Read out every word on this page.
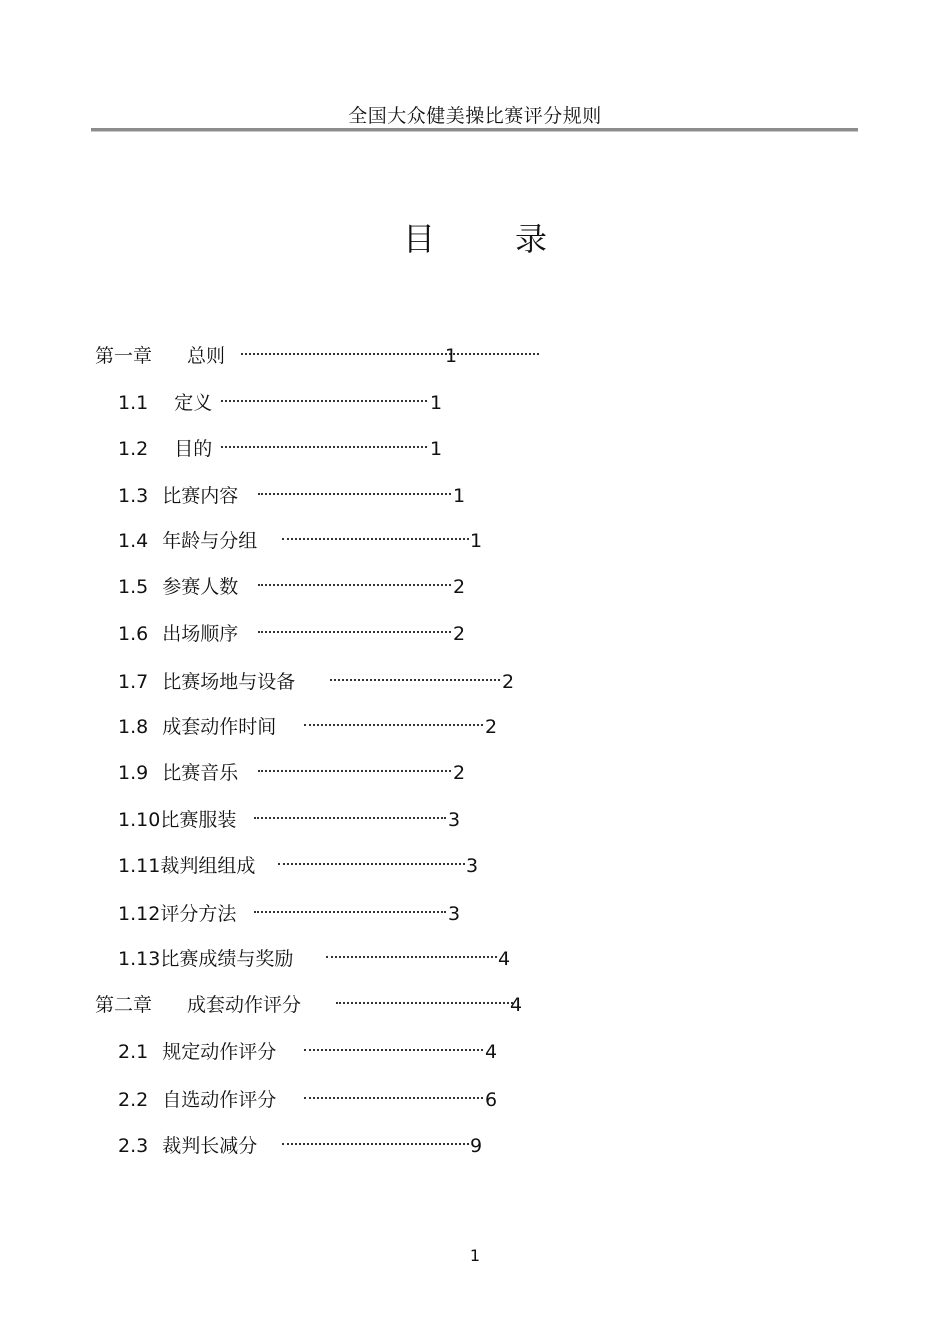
全国大众健美操比赛评分规则
目	录
第一章 总则	1
1.1 定义	1
1.2 目的	1
1.3 比赛内容	1
1.4 年龄与分组	1
1.5 参赛人数	2
1.6 出场顺序	2
1.7 比赛场地与设备	2
1.8 成套动作时间	2
1.9 比赛音乐	2
1.10比赛服装	3
1.11裁判组组成	3
1.12评分方法	3
1.13比赛成绩与奖励	4
第二章 成套动作评分	4
2.1 规定动作评分	4
2.2 自选动作评分	6
2.3 裁判长减分	9
1
